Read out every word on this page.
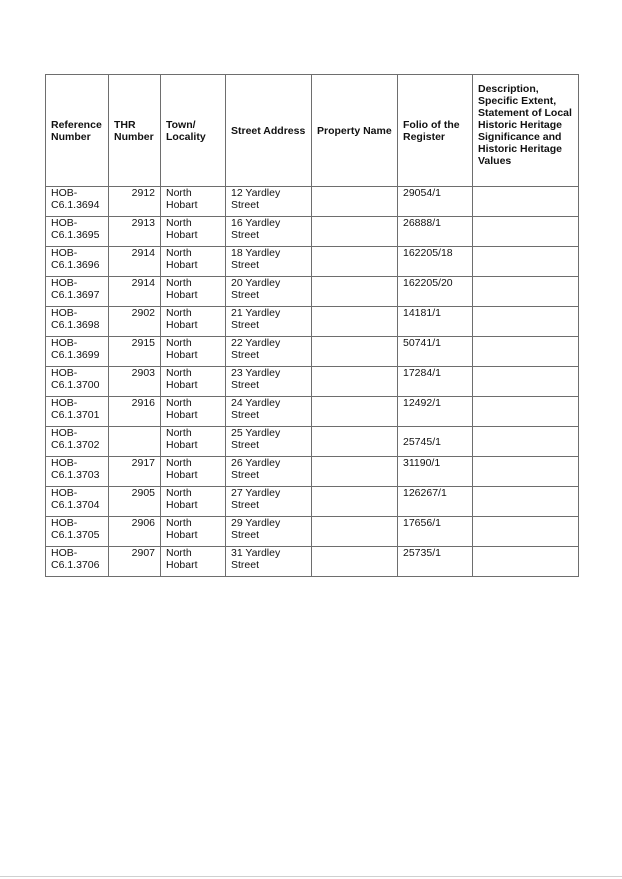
Reference Number	THR Number	Town/ Locality	Street Address	Property Name	Folio of the Register	Description, Specific Extent, Statement of Local Historic Heritage Significance and Historic Heritage Values
HOB-C6.1.3694	2912	North Hobart	12 Yardley Street		29054/1	
HOB-C6.1.3695	2913	North Hobart	16 Yardley Street		26888/1	
HOB-C6.1.3696	2914	North Hobart	18 Yardley Street		162205/18	
HOB-C6.1.3697	2914	North Hobart	20 Yardley Street		162205/20	
HOB-C6.1.3698	2902	North Hobart	21 Yardley Street		14181/1	
HOB-C6.1.3699	2915	North Hobart	22 Yardley Street		50741/1	
HOB-C6.1.3700	2903	North Hobart	23 Yardley Street		17284/1	
HOB-C6.1.3701	2916	North Hobart	24 Yardley Street		12492/1	
HOB-C6.1.3702		North Hobart	25 Yardley Street		25745/1	
HOB-C6.1.3703	2917	North Hobart	26 Yardley Street		31190/1	
HOB-C6.1.3704	2905	North Hobart	27 Yardley Street		126267/1	
HOB-C6.1.3705	2906	North Hobart	29 Yardley Street		17656/1	
HOB-C6.1.3706	2907	North Hobart	31 Yardley Street		25735/1	
